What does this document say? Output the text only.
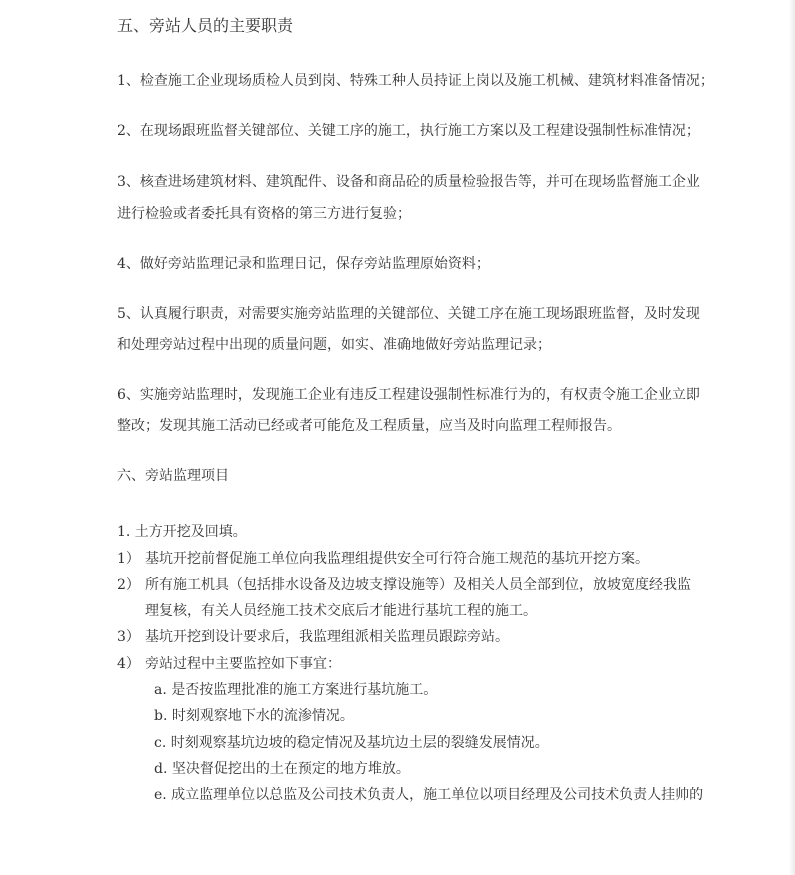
五、旁站人员的主要职责
1、检查施工企业现场质检人员到岗、特殊工种人员持证上岗以及施工机械、建筑材料准备情况；
2、在现场跟班监督关键部位、关键工序的施工，执行施工方案以及工程建设强制性标准情况；
3、核查进场建筑材料、建筑配件、设备和商品砼的质量检验报告等，并可在现场监督施工企业
进行检验或者委托具有资格的第三方进行复验；
4、做好旁站监理记录和监理日记，保存旁站监理原始资料；
5、认真履行职责，对需要实施旁站监理的关键部位、关键工序在施工现场跟班监督，及时发现
和处理旁站过程中出现的质量问题，如实、准确地做好旁站监理记录；
6、实施旁站监理时，发现施工企业有违反工程建设强制性标准行为的，有权责令施工企业立即
整改；发现其施工活动已经或者可能危及工程质量，应当及时向监理工程师报告。
六、旁站监理项目
1. 土方开挖及回填。
1） 基坑开挖前督促施工单位向我监理组提供安全可行符合施工规范的基坑开挖方案。
2） 所有施工机具（包括排水设备及边坡支撑设施等）及相关人员全部到位，放坡宽度经我监
理复核，有关人员经施工技术交底后才能进行基坑工程的施工。
3） 基坑开挖到设计要求后，我监理组派相关监理员跟踪旁站。
4） 旁站过程中主要监控如下事宜：
a. 是否按监理批准的施工方案进行基坑施工。
b. 时刻观察地下水的流渗情况。
c. 时刻观察基坑边坡的稳定情况及基坑边土层的裂缝发展情况。
d. 坚决督促挖出的土在预定的地方堆放。
e. 成立监理单位以总监及公司技术负责人，施工单位以项目经理及公司技术负责人挂帅的
